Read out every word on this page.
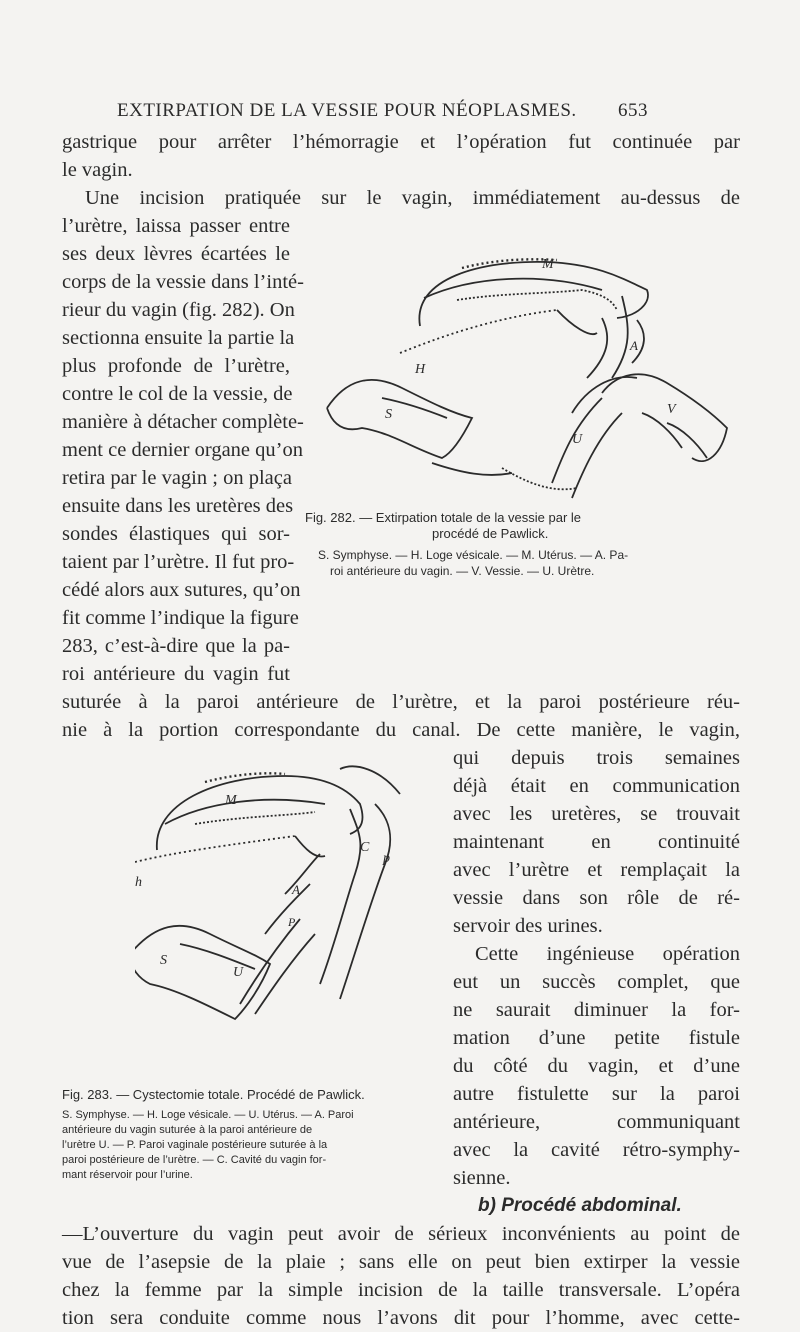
EXTIRPATION DE LA VESSIE POUR NÉOPLASMES. 653
gastrique pour arrêter l’hémorragie et l’opération fut continuée par
le vagin.
Une incision pratiquée sur le vagin, immédiatement au-dessus de
l’urètre, laissa passer entre
ses deux lèvres écartées le
corps de la vessie dans l’inté-
rieur du vagin (fig. 282). On
sectionna ensuite la partie la
plus profonde de l’urètre,
contre le col de la vessie, de
manière à détacher complète-
ment ce dernier organe qu’on
retira par le vagin ; on plaça
ensuite dans les uretères des
sondes élastiques qui sor-
taient par l’urètre. Il fut pro-
cédé alors aux sutures, qu’on
fit comme l’indique la figure
283, c’est-à-dire que la pa-
roi antérieure du vagin fut
suturée à la paroi antérieure de l’urètre, et la paroi postérieure réu-
nie à la portion correspondante du canal. De cette manière, le vagin,
qui depuis trois semaines
déjà était en communication
avec les uretères, se trouvait
maintenant en continuité
avec l’urètre et remplaçait la
vessie dans son rôle de ré-
servoir des urines.
Cette ingénieuse opération
eut un succès complet, que
ne saurait diminuer la for-
mation d’une petite fistule
du côté du vagin, et d’une
autre fistulette sur la paroi
antérieure, communiquant
avec la cavité rétro-symphy-
sienne.
b) Procédé abdominal.
—L’ouverture du vagin peut avoir de sérieux inconvénients au point de
vue de l’asepsie de la plaie ; sans elle on peut bien extirper la vessie
chez la femme par la simple incision de la taille transversale. L’opéra
tion sera conduite comme nous l’avons dit pour l’homme, avec cette-
M
A
H
S
U
V
Fig. 282. — Extirpation totale de la vessie par le
procédé de Pawlick.
S. Symphyse. — H. Loge vésicale. — M. Utérus. — A. Pa-
roi antérieure du vagin. — V. Vessie. — U. Urètre.
M
C
p
h	A
S
P
U
Fig. 283. — Cystectomie totale. Procédé de Pawlick.
S. Symphyse. — H. Loge vésicale. — U. Utérus. — A. Paroi
antérieure du vagin suturée à la paroi antérieure de
l’urètre U. — P. Paroi vaginale postérieure suturée à la
paroi postérieure de l’urètre. — C. Cavité du vagin for-
mant réservoir pour l’urine.
